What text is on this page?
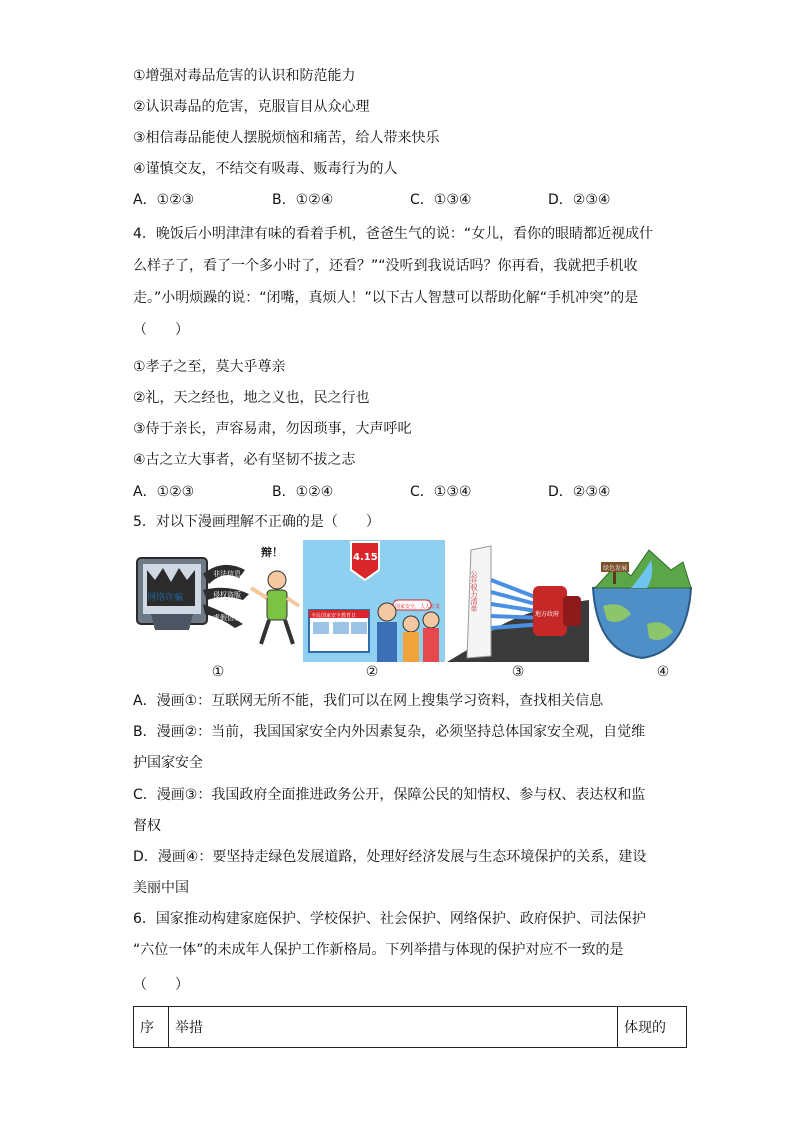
①增强对毒品危害的认识和防范能力
②认识毒品的危害，克服盲目从众心理
③相信毒品能使人摆脱烦恼和痛苦，给人带来快乐
④谨慎交友，不结交有吸毒、贩毒行为的人
A．①②③	B．①②④	C．①③④	D．②③④
4．晚饭后小明津津有味的看着手机，爸爸生气的说：“女儿，看你的眼睛都近视成什
么样子了，看了一个多小时了，还看？”“没听到我说话吗？你再看，我就把手机收
走。”小明烦躁的说：“闭嘴，真烦人！”以下古人智慧可以帮助化解“手机冲突”的是
（　　）
①孝子之至，莫大乎尊亲
②礼，天之经也，地之义也，民之行也
③侍于亲长，声容易肃，勿因琐事，大声呼叱
④古之立大事者，必有坚韧不拔之志
A．①②③	B．①②④	C．①③④	D．②③④
5．对以下漫画理解不正确的是（　　）
网络诈骗
非法信息
侵权盗版
虚假信息
辩！
①
4.15
国家安全，人人有责
全民国家安全教育日
②
公开权力清单
地方政府
③
绿色发展
④
A．漫画①：互联网无所不能，我们可以在网上搜集学习资料，查找相关信息
B．漫画②：当前，我国国家安全内外因素复杂，必须坚持总体国家安全观，自觉维
护国家安全
C．漫画③：我国政府全面推进政务公开，保障公民的知情权、参与权、表达权和监
督权
D．漫画④：要坚持走绿色发展道路，处理好经济发展与生态环境保护的关系，建设
美丽中国
6．国家推动构建家庭保护、学校保护、社会保护、网络保护、政府保护、司法保护
“六位一体”的未成年人保护工作新格局。下列举措与体现的保护对应不一致的是
（　　）
序	举措	体现的
